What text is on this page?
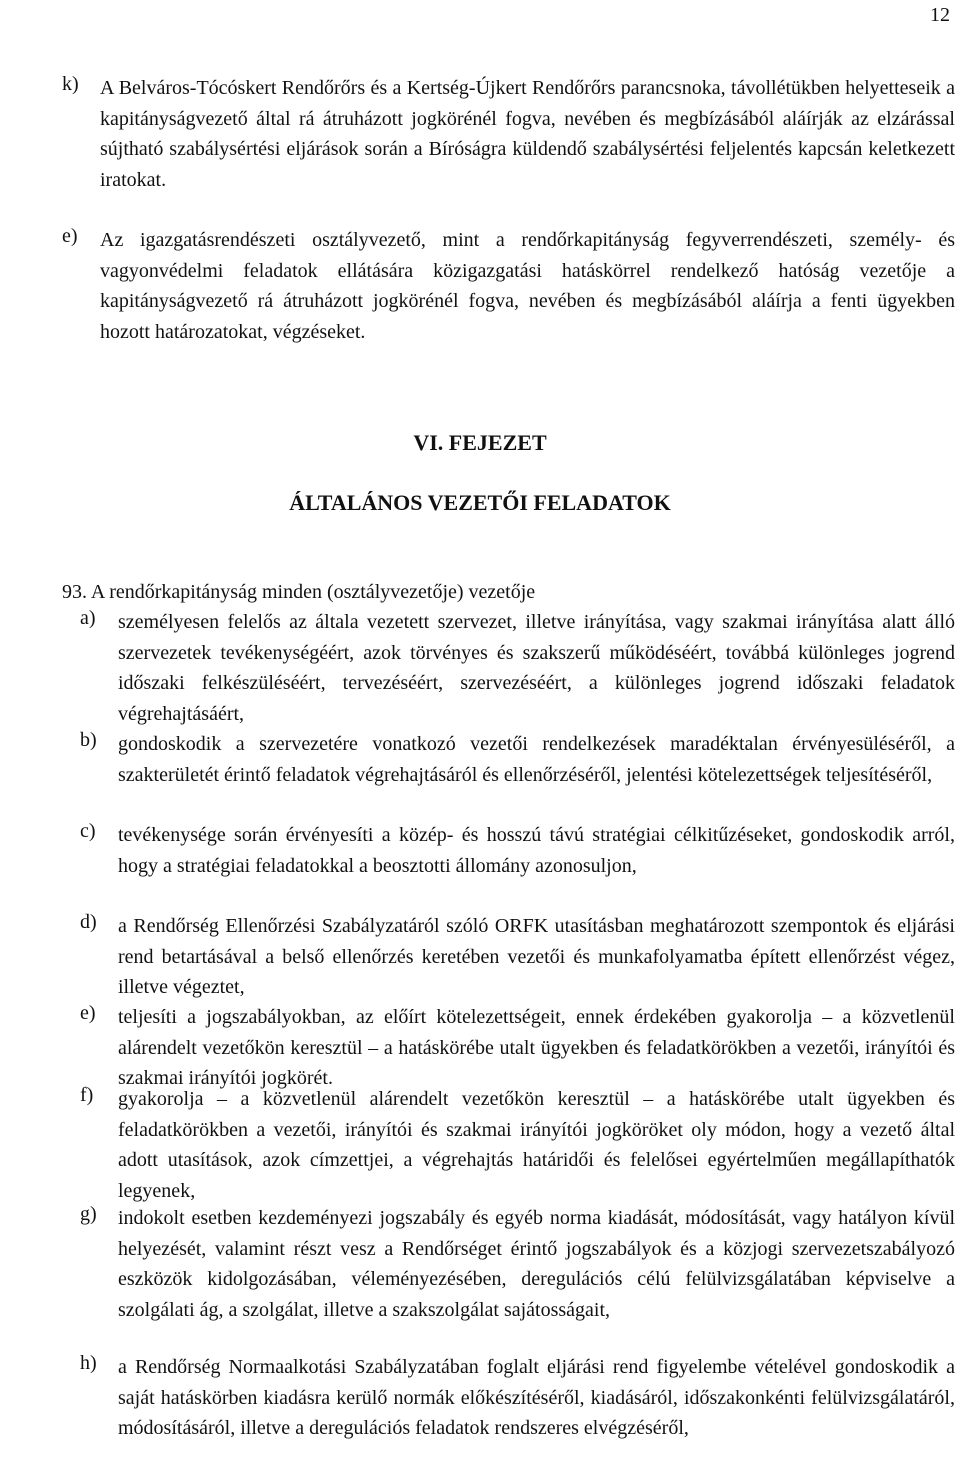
12
k)	A Belváros-Tócóskert Rendőrőrs és a Kertség-Újkert Rendőrőrs parancsnoka, távollétükben helyetteseik a kapitányságvezető által rá átruházott jogkörénél fogva, nevében és megbízásából aláírják az elzárással sújtható szabálysértési eljárások során a Bíróságra küldendő szabálysértési feljelentés kapcsán keletkezett iratokat.
e)	Az igazgatásrendészeti osztályvezető, mint a rendőrkapitányság fegyverrendészeti, személy- és vagyonvédelmi feladatok ellátására közigazgatási hatáskörrel rendelkező hatóság vezetője a kapitányságvezető rá átruházott jogkörénél fogva, nevében és megbízásából aláírja a fenti ügyekben hozott határozatokat, végzéseket.
VI. FEJEZET
ÁLTALÁNOS VEZETŐI FELADATOK
93. A rendőrkapitányság minden (osztályvezetője) vezetője
a)	személyesen felelős az általa vezetett szervezet, illetve irányítása, vagy szakmai irányítása alatt álló szervezetek tevékenységéért, azok törvényes és szakszerű működéséért, továbbá különleges jogrend időszaki felkészüléséért, tervezéséért, szervezéséért, a különleges jogrend időszaki feladatok végrehajtásáért,
b)	gondoskodik a szervezetére vonatkozó vezetői rendelkezések maradéktalan érvényesüléséről, a szakterületét érintő feladatok végrehajtásáról és ellenőrzéséről, jelentési kötelezettségek teljesítéséről,
c)	tevékenysége során érvényesíti a közép- és hosszú távú stratégiai célkitűzéseket, gondoskodik arról, hogy a stratégiai feladatokkal a beosztotti állomány azonosuljon,
d)	a Rendőrség Ellenőrzési Szabályzatáról szóló ORFK utasításban meghatározott szempontok és eljárási rend betartásával a belső ellenőrzés keretében vezetői és munkafolyamatba épített ellenőrzést végez, illetve végeztet,
e)	teljesíti a jogszabályokban, az előírt kötelezettségeit, ennek érdekében gyakorolja – a közvetlenül alárendelt vezetőkön keresztül – a hatáskörébe utalt ügyekben és feladatkörökben a vezetői, irányítói és szakmai irányítói jogkörét.
f)	gyakorolja – a közvetlenül alárendelt vezetőkön keresztül – a hatáskörébe utalt ügyekben és feladatkörökben a vezetői, irányítói és szakmai irányítói jogköröket oly módon, hogy a vezető által adott utasítások, azok címzettjei, a végrehajtás határidői és felelősei egyértelműen megállapíthatók legyenek,
g)	indokolt esetben kezdeményezi jogszabály és egyéb norma kiadását, módosítását, vagy hatályon kívül helyezését, valamint részt vesz a Rendőrséget érintő jogszabályok és a közjogi szervezetszabályozó eszközök kidolgozásában, véleményezésében, deregulációs célú felülvizsgálatában képviselve a szolgálati ág, a szolgálat, illetve a szakszolgálat sajátosságait,
h)	a Rendőrség Normaalkotási Szabályzatában foglalt eljárási rend figyelembe vételével gondoskodik a saját hatáskörben kiadásra kerülő normák előkészítéséről, kiadásáról, időszakonkénti felülvizsgálatáról, módosításáról, illetve a deregulációs feladatok rendszeres elvégzéséről,
